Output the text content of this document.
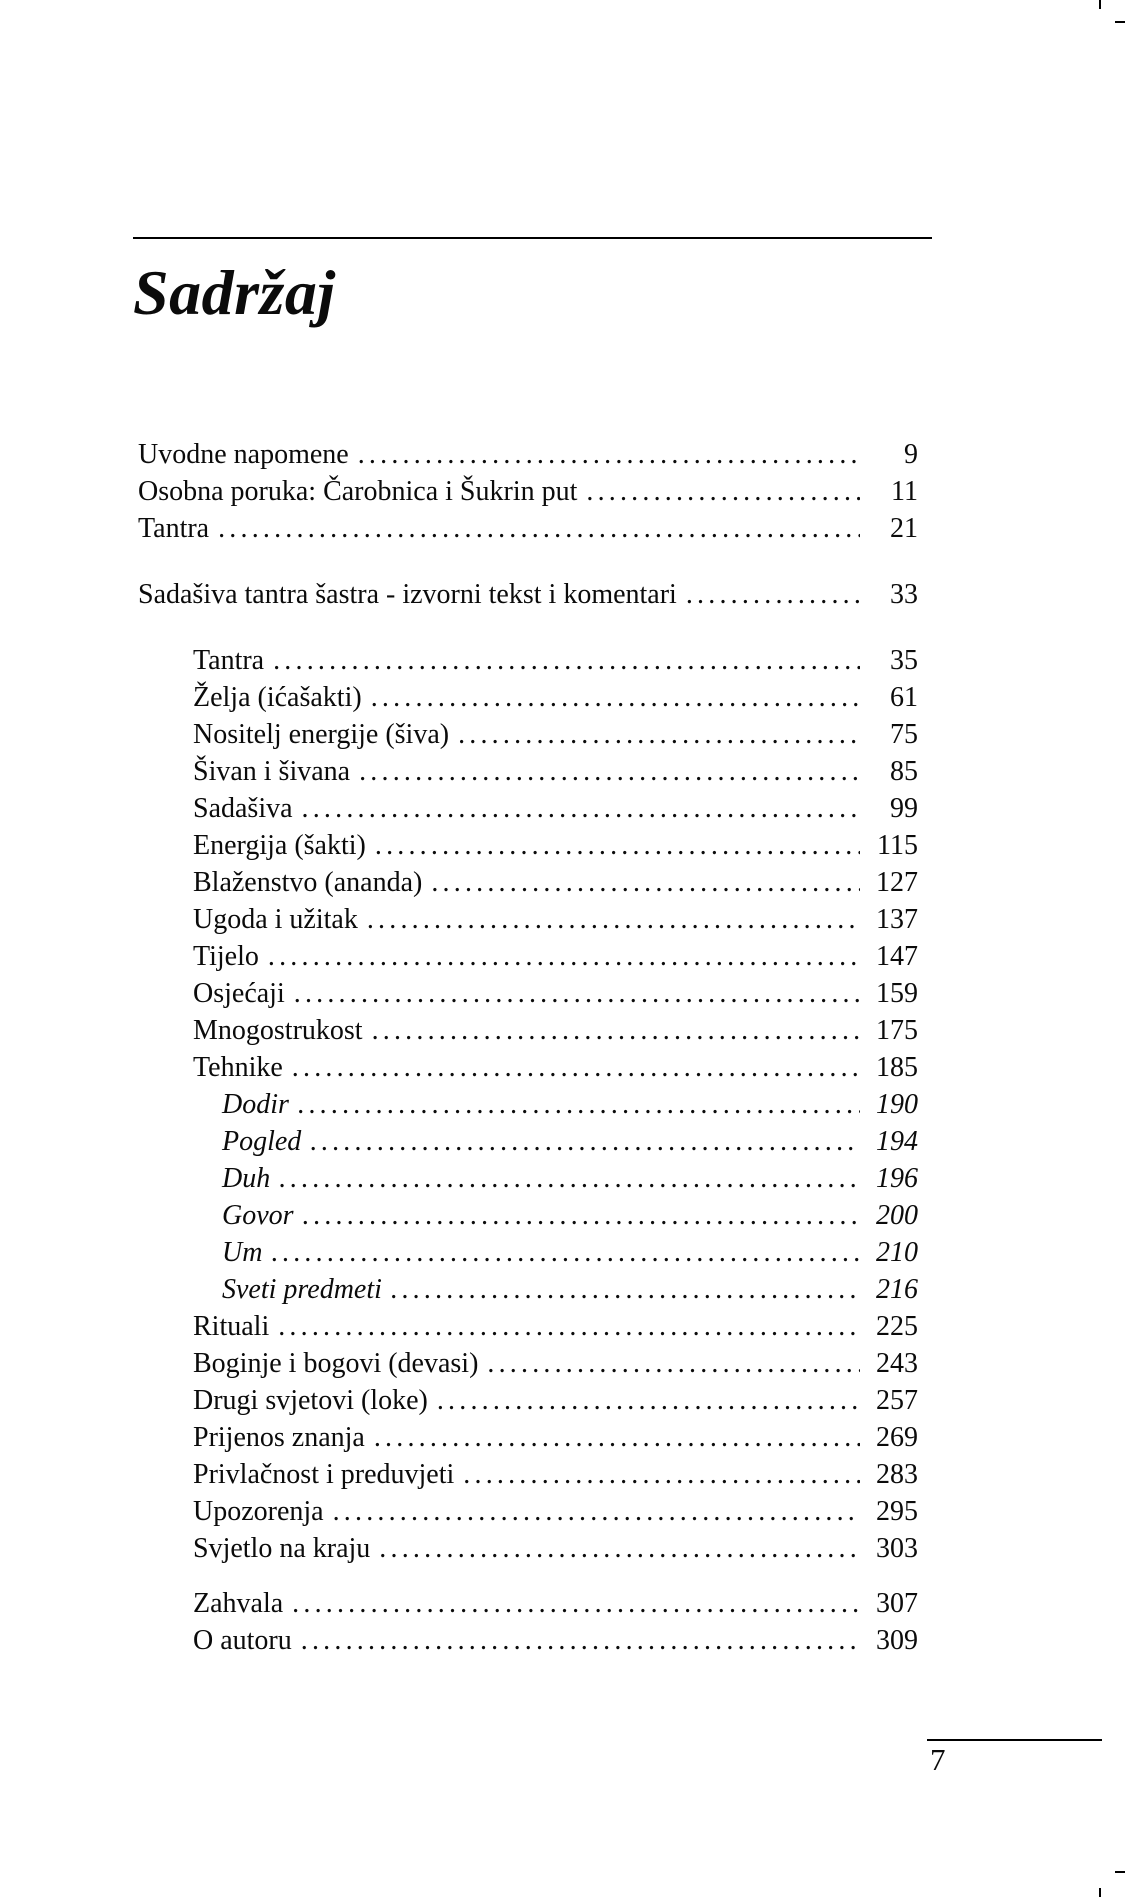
Sadržaj
Uvodne napomene .....	9
Osobna poruka: Čarobnica i Šukrin put .....	11
Tantra .....	21
Sadašiva tantra šastra - izvorni tekst i komentari .....	33
Tantra .....	35
Želja (ićašakti) .....	61
Nositelj energije (šiva) .....	75
Šivan i šivana .....	85
Sadašiva .....	99
Energija (šakti) .....	115
Blaženstvo (ananda) .....	127
Ugoda i užitak .....	137
Tijelo .....	147
Osjećaji .....	159
Mnogostrukost .....	175
Tehnike .....	185
Dodir .....	190
Pogled .....	194
Duh .....	196
Govor .....	200
Um .....	210
Sveti predmeti .....	216
Rituali .....	225
Boginje i bogovi (devasi) .....	243
Drugi svjetovi (loke) .....	257
Prijenos znanja .....	269
Privlačnost i preduvjeti .....	283
Upozorenja .....	295
Svjetlo na kraju .....	303
Zahvala .....	307
O autoru .....	309
7
